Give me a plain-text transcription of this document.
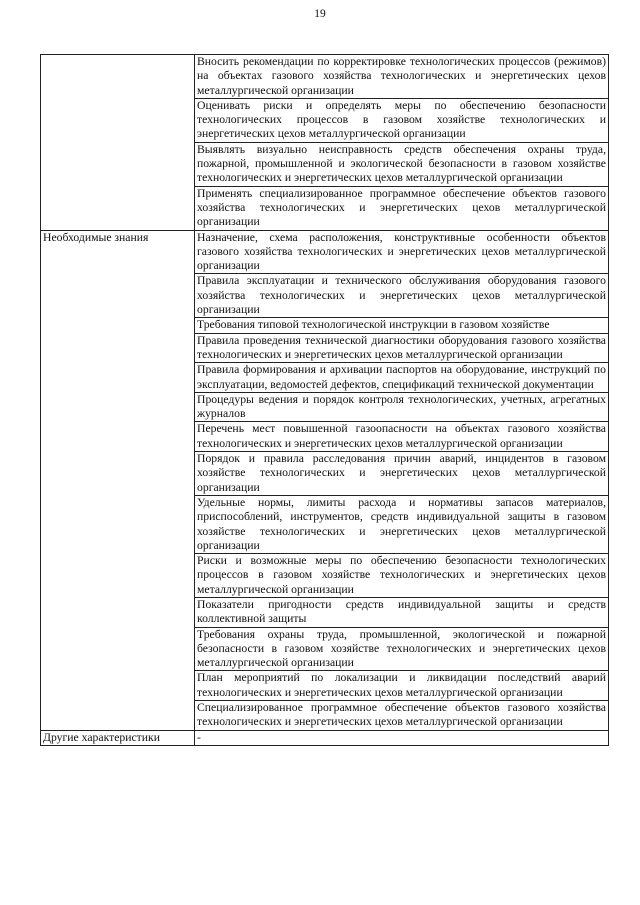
19
	Вносить рекомендации по корректировке технологических процессов (режимов) на объектах газового хозяйства технологических и энергетических цехов металлургической организации
	Оценивать риски и определять меры по обеспечению безопасности технологических процессов в газовом хозяйстве технологических и энергетических цехов металлургической организации
	Выявлять визуально неисправность средств обеспечения охраны труда, пожарной, промышленной и экологической безопасности в газовом хозяйстве технологических и энергетических цехов металлургической организации
	Применять специализированное программное обеспечение объектов газового хозяйства технологических и энергетических цехов металлургической организации
Необходимые знания	Назначение, схема расположения, конструктивные особенности объектов газового хозяйства технологических и энергетических цехов металлургической организации
	Правила эксплуатации и технического обслуживания оборудования газового хозяйства технологических и энергетических цехов металлургической организации
	Требования типовой технологической инструкции в газовом хозяйстве
	Правила проведения технической диагностики оборудования газового хозяйства технологических и энергетических цехов металлургической организации
	Правила формирования и архивации паспортов на оборудование, инструкций по эксплуатации, ведомостей дефектов, спецификаций технической документации
	Процедуры ведения и порядок контроля технологических, учетных, агрегатных журналов
	Перечень мест повышенной газоопасности на объектах газового хозяйства технологических и энергетических цехов металлургической организации
	Порядок и правила расследования причин аварий, инцидентов в газовом хозяйстве технологических и энергетических цехов металлургической организации
	Удельные нормы, лимиты расхода и нормативы запасов материалов, приспособлений, инструментов, средств индивидуальной защиты в газовом хозяйстве технологических и энергетических цехов металлургической организации
	Риски и возможные меры по обеспечению безопасности технологических процессов в газовом хозяйстве технологических и энергетических цехов металлургической организации
	Показатели пригодности средств индивидуальной защиты и средств коллективной защиты
	Требования охраны труда, промышленной, экологической и пожарной безопасности в газовом хозяйстве технологических и энергетических цехов металлургической организации
	План мероприятий по локализации и ликвидации последствий аварий технологических и энергетических цехов металлургической организации
	Специализированное программное обеспечение объектов газового хозяйства технологических и энергетических цехов металлургической организации
Другие характеристики	-
